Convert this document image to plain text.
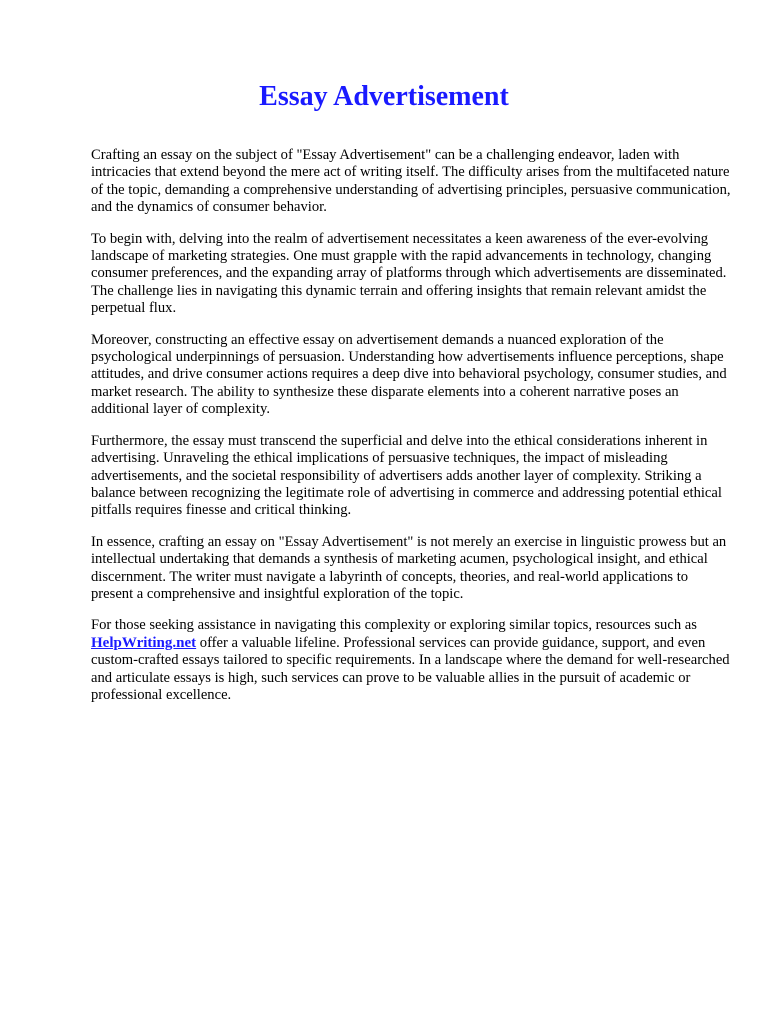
Essay Advertisement

Crafting an essay on the subject of "Essay Advertisement" can be a challenging endeavor, laden with intricacies that extend beyond the mere act of writing itself. The difficulty arises from the multifaceted nature of the topic, demanding a comprehensive understanding of advertising principles, persuasive communication, and the dynamics of consumer behavior.

To begin with, delving into the realm of advertisement necessitates a keen awareness of the ever-evolving landscape of marketing strategies. One must grapple with the rapid advancements in technology, changing consumer preferences, and the expanding array of platforms through which advertisements are disseminated. The challenge lies in navigating this dynamic terrain and offering insights that remain relevant amidst the perpetual flux.

Moreover, constructing an effective essay on advertisement demands a nuanced exploration of the psychological underpinnings of persuasion. Understanding how advertisements influence perceptions, shape attitudes, and drive consumer actions requires a deep dive into behavioral psychology, consumer studies, and market research. The ability to synthesize these disparate elements into a coherent narrative poses an additional layer of complexity.

Furthermore, the essay must transcend the superficial and delve into the ethical considerations inherent in advertising. Unraveling the ethical implications of persuasive techniques, the impact of misleading advertisements, and the societal responsibility of advertisers adds another layer of complexity. Striking a balance between recognizing the legitimate role of advertising in commerce and addressing potential ethical pitfalls requires finesse and critical thinking.

In essence, crafting an essay on "Essay Advertisement" is not merely an exercise in linguistic prowess but an intellectual undertaking that demands a synthesis of marketing acumen, psychological insight, and ethical discernment. The writer must navigate a labyrinth of concepts, theories, and real-world applications to present a comprehensive and insightful exploration of the topic.

For those seeking assistance in navigating this complexity or exploring similar topics, resources such as HelpWriting.net offer a valuable lifeline. Professional services can provide guidance, support, and even custom-crafted essays tailored to specific requirements. In a landscape where the demand for well-researched and articulate essays is high, such services can prove to be valuable allies in the pursuit of academic or professional excellence.
